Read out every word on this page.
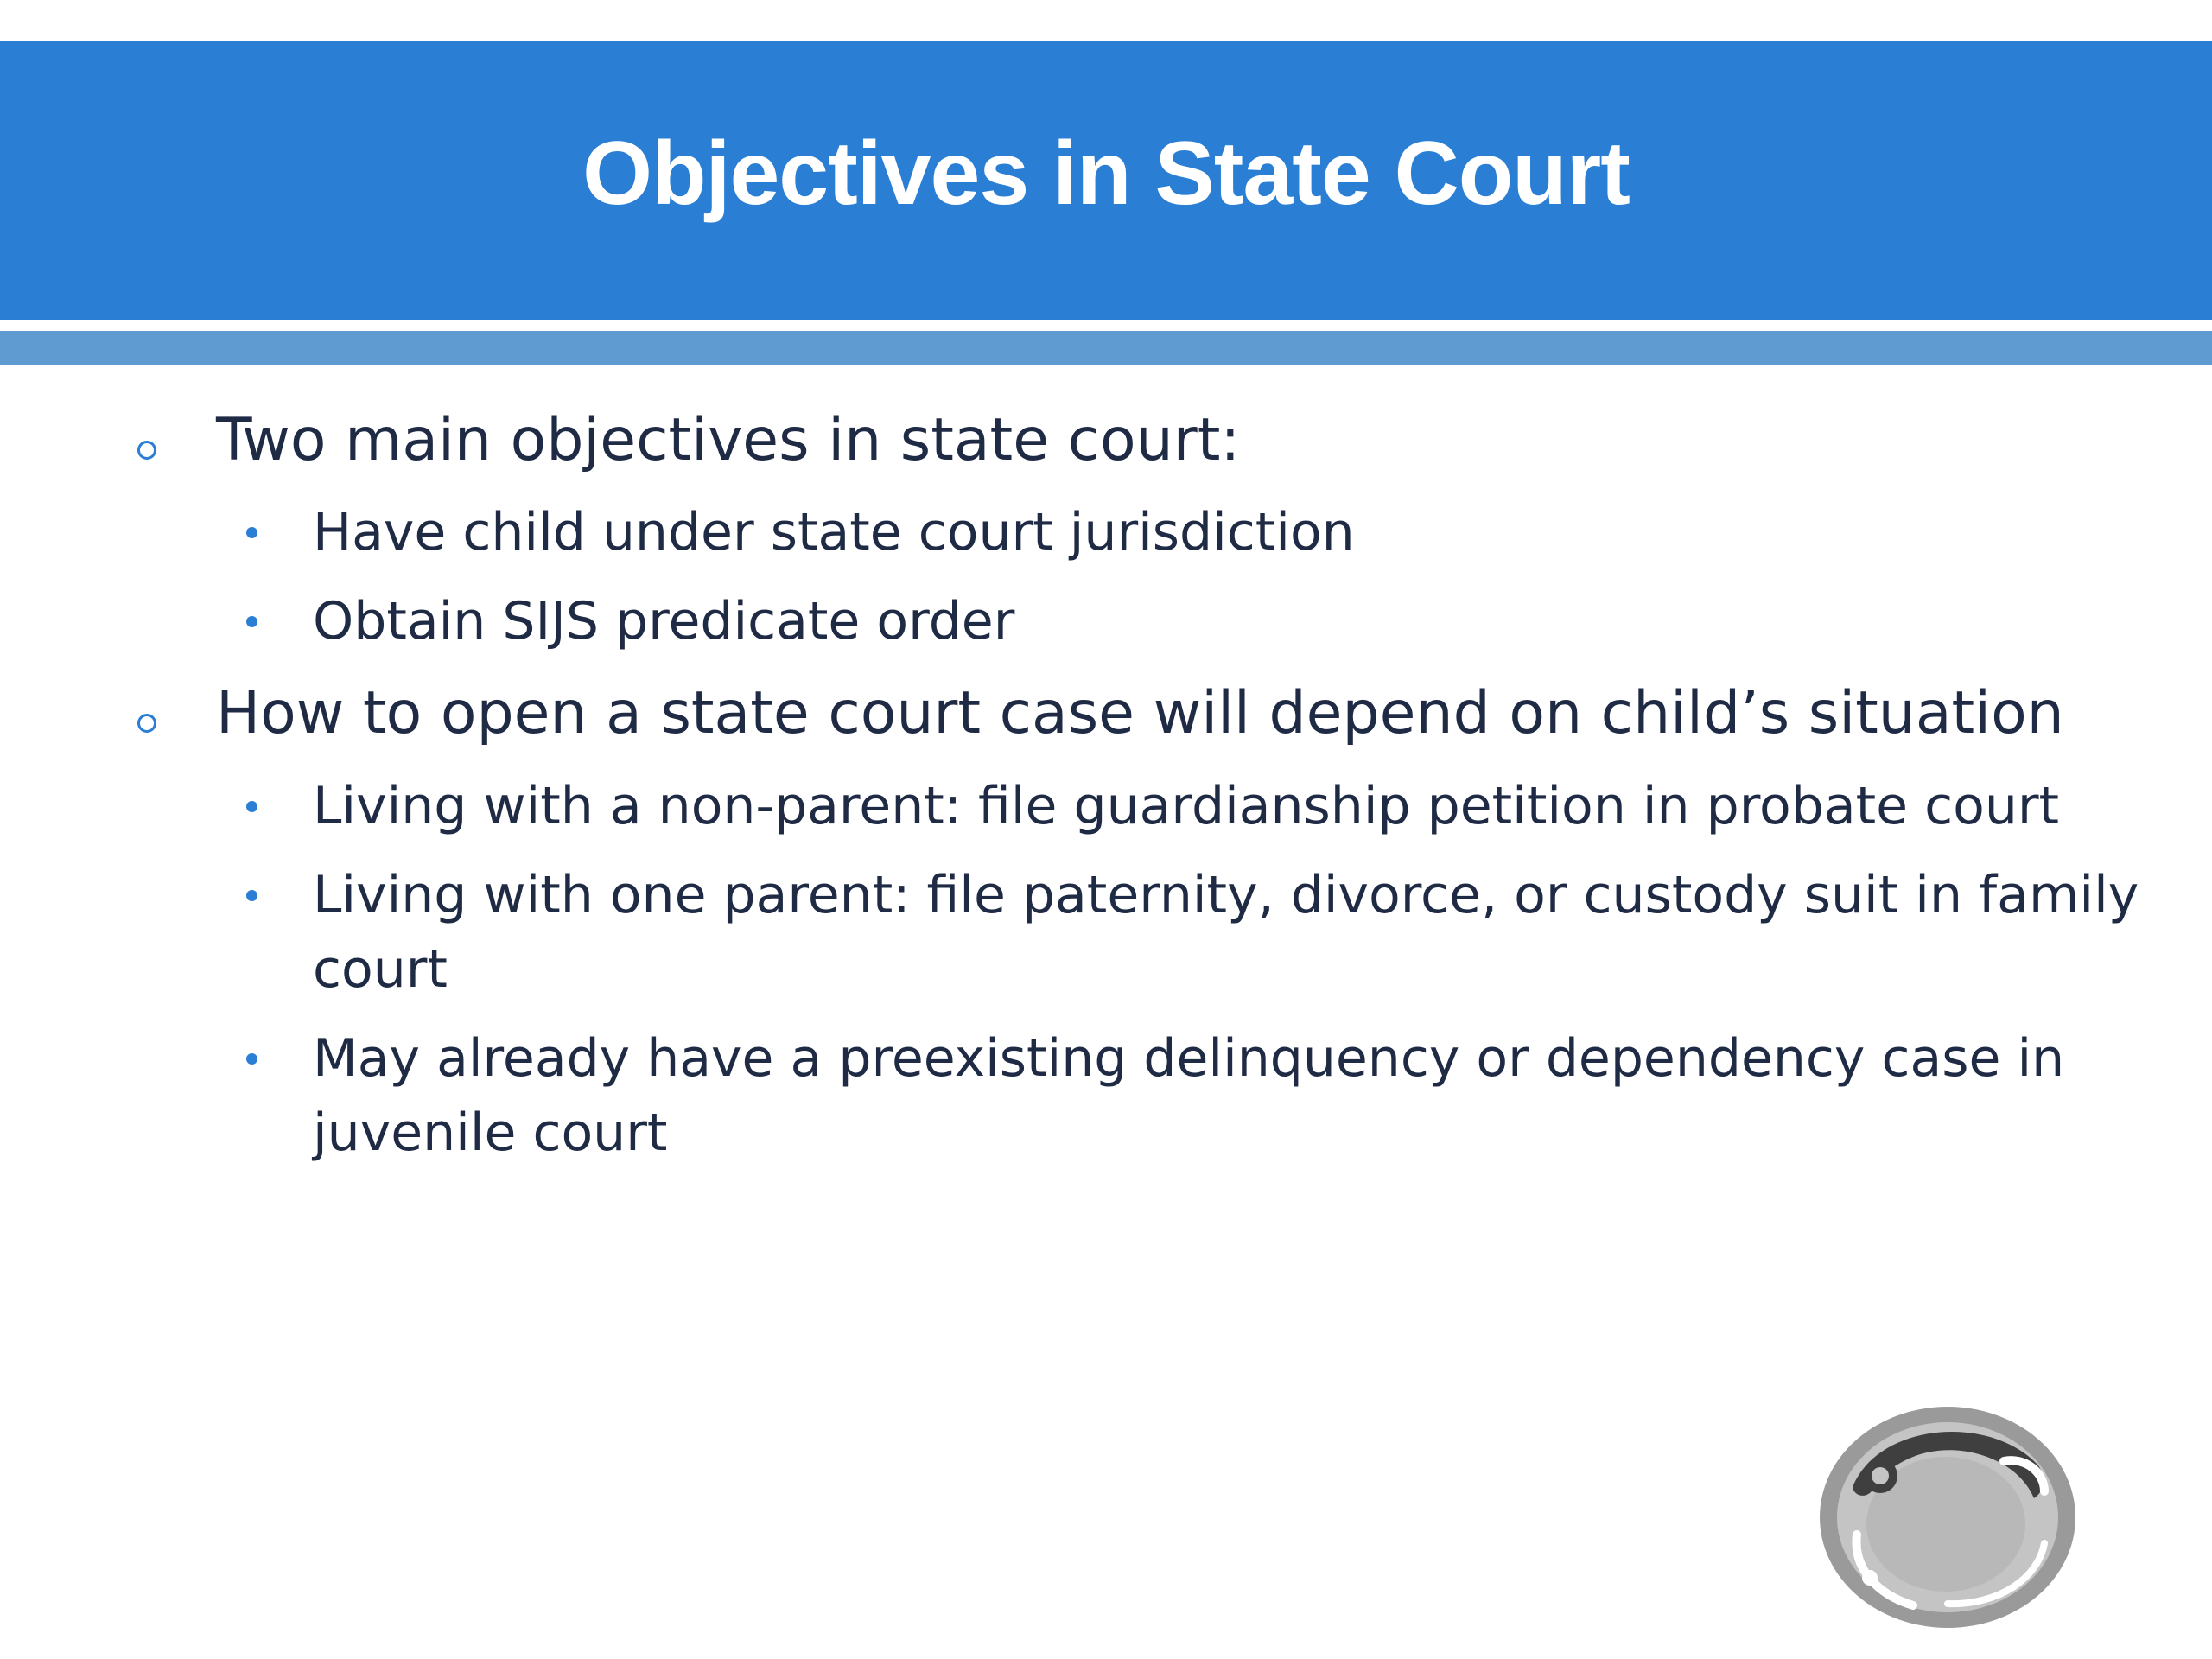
Objectives in State Court
Two main objectives in state court:
Have child under state court jurisdiction
Obtain SIJS predicate order
How to open a state court case will depend on child’s situation
Living with a non-parent: file guardianship petition in probate court
Living with one parent: file paternity, divorce, or custody suit in family court
May already have a preexisting delinquency or dependency case in juvenile court
